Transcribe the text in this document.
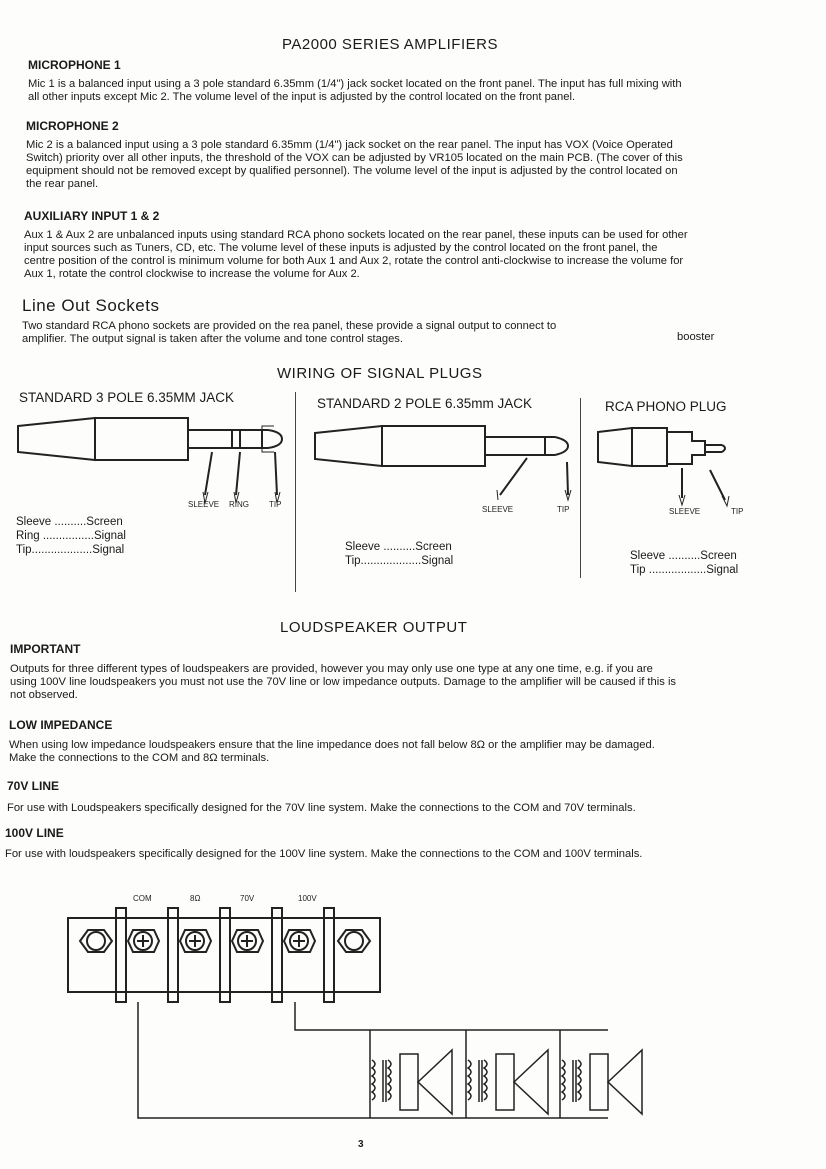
PA2000 SERIES AMPLIFIERS
MICROPHONE 1
Mic 1 is a balanced input using a 3 pole standard 6.35mm (1/4") jack socket located on the front panel. The input has full mixing with
all other inputs except Mic 2. The volume level of the input is adjusted by the control located on the front panel.
MICROPHONE 2
Mic 2 is a balanced input using a 3 pole standard 6.35mm (1/4") jack socket on the rear panel. The input has VOX (Voice Operated
Switch) priority over all other inputs, the threshold of the VOX can be adjusted by VR105 located on the main PCB. (The cover of this
equipment should not be removed except by qualified personnel). The volume level of the input is adjusted by the control located on
the rear panel.
AUXILIARY INPUT 1 & 2
Aux 1 & Aux 2 are unbalanced inputs using standard RCA phono sockets located on the rear panel, these inputs can be used for other
input sources such as Tuners, CD, etc. The volume level of these inputs is adjusted by the control located on the front panel, the
centre position of the control is minimum volume for both Aux 1 and Aux 2, rotate the control anti-clockwise to increase the volume for
Aux 1, rotate the control clockwise to increase the volume for Aux 2.
Line Out Sockets
Two standard RCA phono sockets are provided on the rea panel, these provide a signal output to connect to
amplifier. The output signal is taken after the volume and tone control stages.	booster
WIRING OF SIGNAL PLUGS
STANDARD 3 POLE 6.35MM JACK	STANDARD 2 POLE 6.35mm JACK	RCA PHONO PLUG
SLEEVE RING	TIP
SLEEVE	TIP	SLEEVE	TIP
COM	8Ω	70V	100V
Sleeve ..........Screen
Ring ................Signal
Tip...................Signal	Sleeve ..........Screen
Tip...................Signal	Sleeve ..........Screen
Tip ..................Signal
LOUDSPEAKER OUTPUT
IMPORTANT
Outputs for three different types of loudspeakers are provided, however you may only use one type at any one time, e.g. if you are
using 100V line loudspeakers you must not use the 70V line or low impedance outputs. Damage to the amplifier will be caused if this is
not observed.
LOW IMPEDANCE
When using low impedance loudspeakers ensure that the line impedance does not fall below 8Ω or the amplifier may be damaged.
Make the connections to the COM and 8Ω terminals.
70V LINE
For use with Loudspeakers specifically designed for the 70V line system. Make the connections to the COM and 70V terminals.
100V LINE
For use with loudspeakers specifically designed for the 100V line system. Make the connections to the COM and 100V terminals.
3
